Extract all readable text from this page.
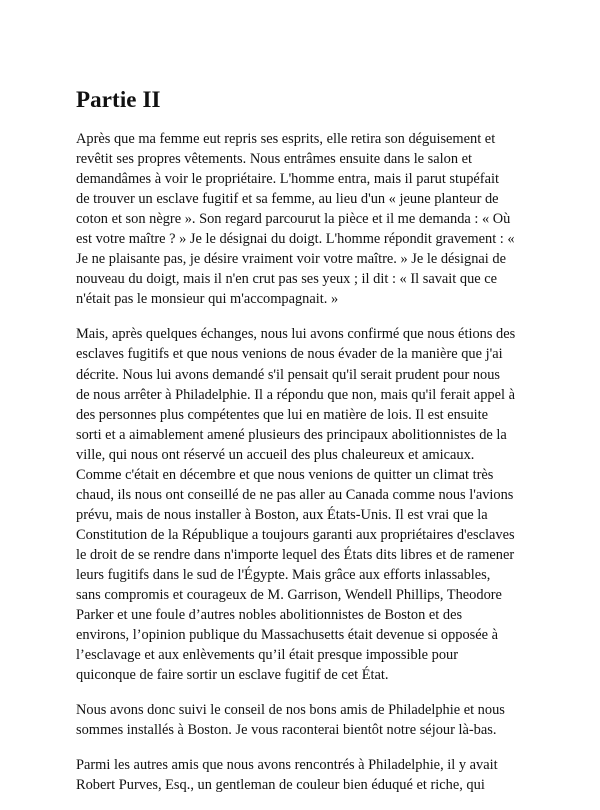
Partie II

Après que ma femme eut repris ses esprits, elle retira son déguisement et
revêtit ses propres vêtements. Nous entrâmes ensuite dans le salon et
demandâmes à voir le propriétaire. L'homme entra, mais il parut stupéfait
de trouver un esclave fugitif et sa femme, au lieu d'un « jeune planteur de
coton et son nègre ». Son regard parcourut la pièce et il me demanda : « Où
est votre maître ? » Je le désignai du doigt. L'homme répondit gravement : «
Je ne plaisante pas, je désire vraiment voir votre maître. » Je le désignai de
nouveau du doigt, mais il n'en crut pas ses yeux ; il dit : « Il savait que ce
n'était pas le monsieur qui m'accompagnait. »

Mais, après quelques échanges, nous lui avons confirmé que nous étions des
esclaves fugitifs et que nous venions de nous évader de la manière que j'ai
décrite. Nous lui avons demandé s'il pensait qu'il serait prudent pour nous
de nous arrêter à Philadelphie. Il a répondu que non, mais qu'il ferait appel à
des personnes plus compétentes que lui en matière de lois. Il est ensuite
sorti et a aimablement amené plusieurs des principaux abolitionnistes de la
ville, qui nous ont réservé un accueil des plus chaleureux et amicaux.
Comme c'était en décembre et que nous venions de quitter un climat très
chaud, ils nous ont conseillé de ne pas aller au Canada comme nous l'avions
prévu, mais de nous installer à Boston, aux États-Unis. Il est vrai que la
Constitution de la République a toujours garanti aux propriétaires d'esclaves
le droit de se rendre dans n'importe lequel des États dits libres et de ramener
leurs fugitifs dans le sud de l'Égypte. Mais grâce aux efforts inlassables,
sans compromis et courageux de M. Garrison, Wendell Phillips, Theodore
Parker et une foule d’autres nobles abolitionnistes de Boston et des
environs, l’opinion publique du Massachusetts était devenue si opposée à
l’esclavage et aux enlèvements qu’il était presque impossible pour
quiconque de faire sortir un esclave fugitif de cet État.

Nous avons donc suivi le conseil de nos bons amis de Philadelphie et nous
sommes installés à Boston. Je vous raconterai bientôt notre séjour là-bas.

Parmi les autres amis que nous avons rencontrés à Philadelphie, il y avait
Robert Purves, Esq., un gentleman de couleur bien éduqué et riche, qui
